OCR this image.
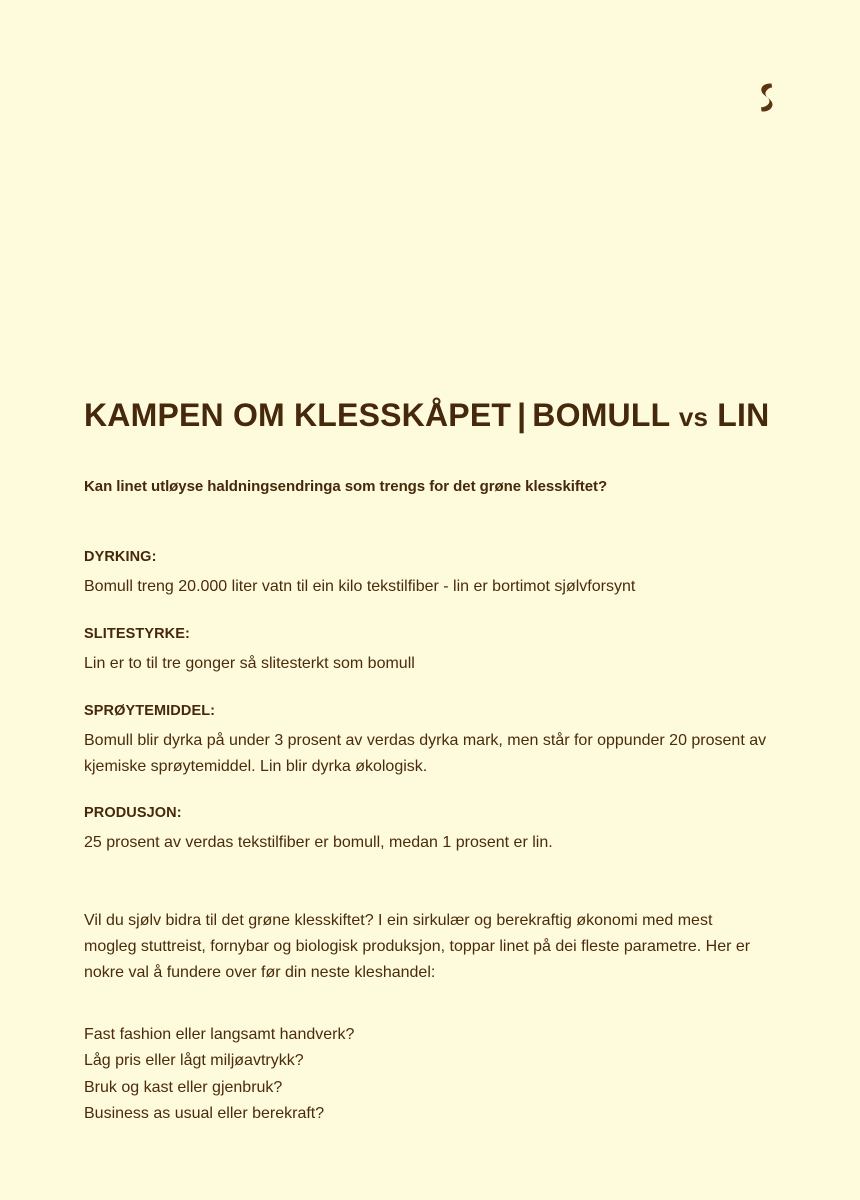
KAMPEN OM KLESSKÅPET | BOMULL vs LIN

Kan linet utløyse haldningsendringa som trengs for det grøne klesskiftet?

DYRKING:

Bomull treng 20.000 liter vatn til ein kilo tekstilfiber - lin er bortimot sjølvforsynt

SLITESTYRKE:

Lin er to til tre gonger så slitesterkt som bomull

SPRØYTEMIDDEL:

Bomull blir dyrka på under 3 prosent av verdas dyrka mark, men står for oppunder 20 prosent av kjemiske sprøytemiddel. Lin blir dyrka økologisk.

PRODUSJON:

25 prosent av verdas tekstilfiber er bomull, medan 1 prosent er lin.

Vil du sjølv bidra til det grøne klesskiftet? I ein sirkulær og berekraftig økonomi med mest mogleg stuttreist, fornybar og biologisk produksjon, toppar linet på dei fleste parametre. Her er nokre val å fundere over før din neste kleshandel:

Fast fashion eller langsamt handverk?
Låg pris eller lågt miljøavtrykk?
Bruk og kast eller gjenbruk?
Business as usual eller berekraft?
